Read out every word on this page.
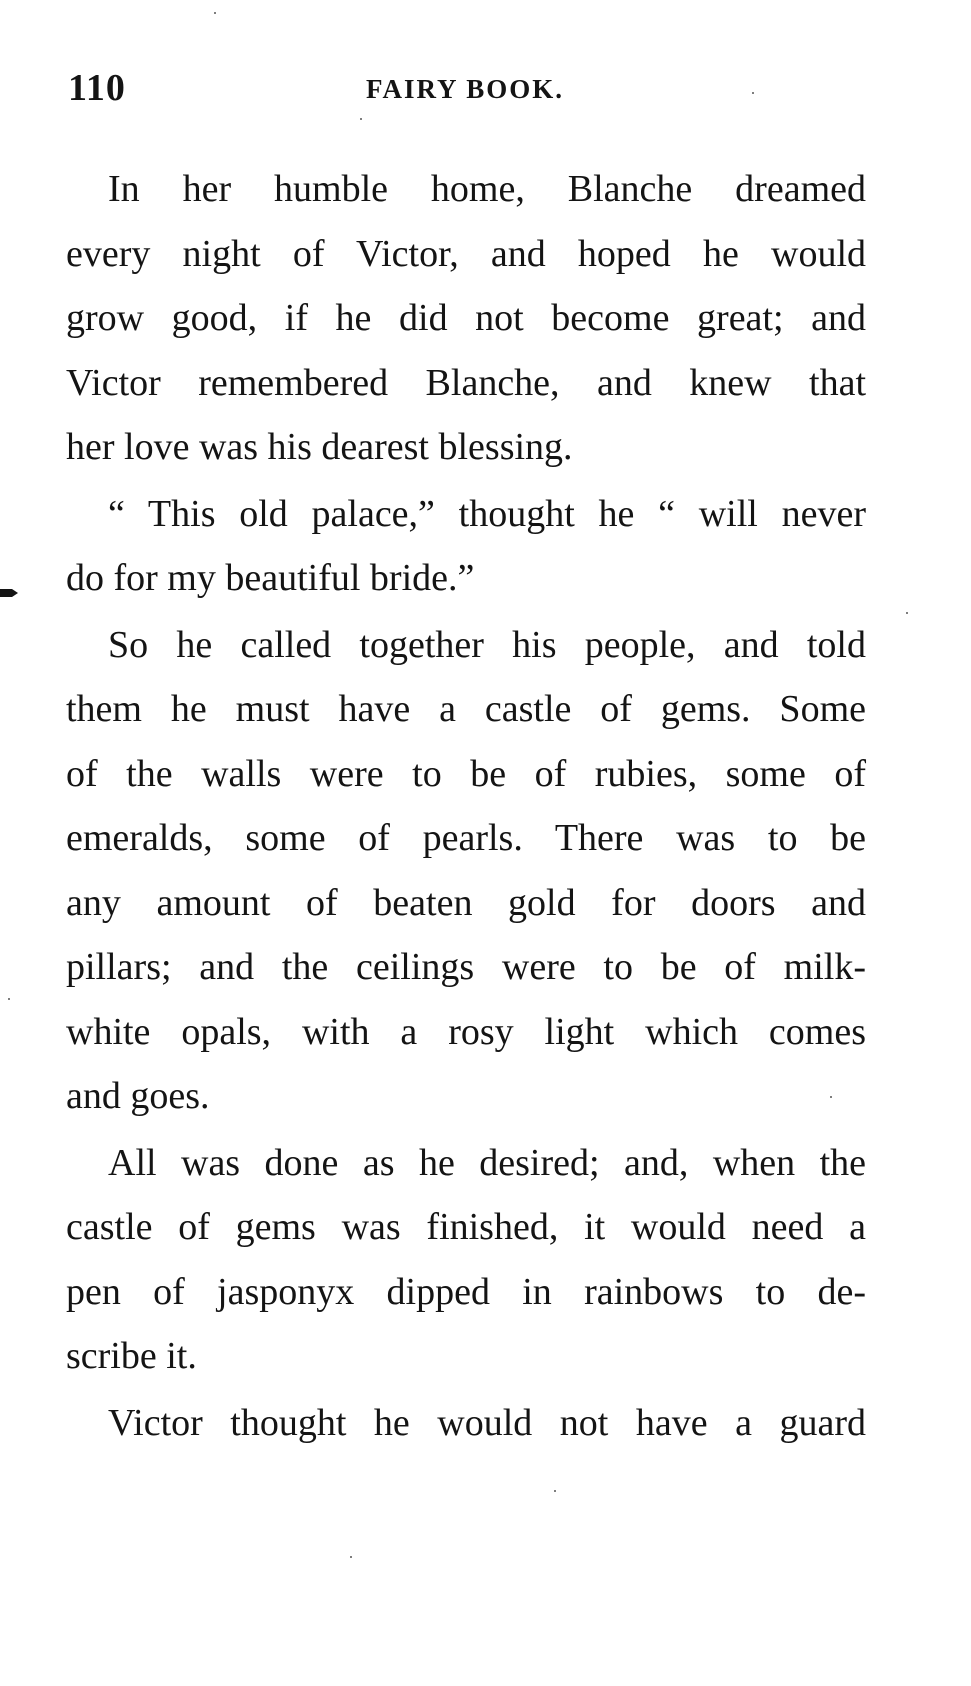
110	FAIRY BOOK.
In her humble home, Blanche dreamed
every night of Victor, and hoped he would
grow good, if he did not become great; and
Victor remembered Blanche, and knew that
her love was his dearest blessing.
“ This old palace,” thought he “ will never
do for my beautiful bride.”
So he called together his people, and told
them he must have a castle of gems. Some
of the walls were to be of rubies, some of
emeralds, some of pearls. There was to be
any amount of beaten gold for doors and
pillars; and the ceilings were to be of milk-
white opals, with a rosy light which comes
and goes.
All was done as he desired; and, when the
castle of gems was finished, it would need a
pen of jasponyx dipped in rainbows to de-
scribe it.
Victor thought he would not have a guard
